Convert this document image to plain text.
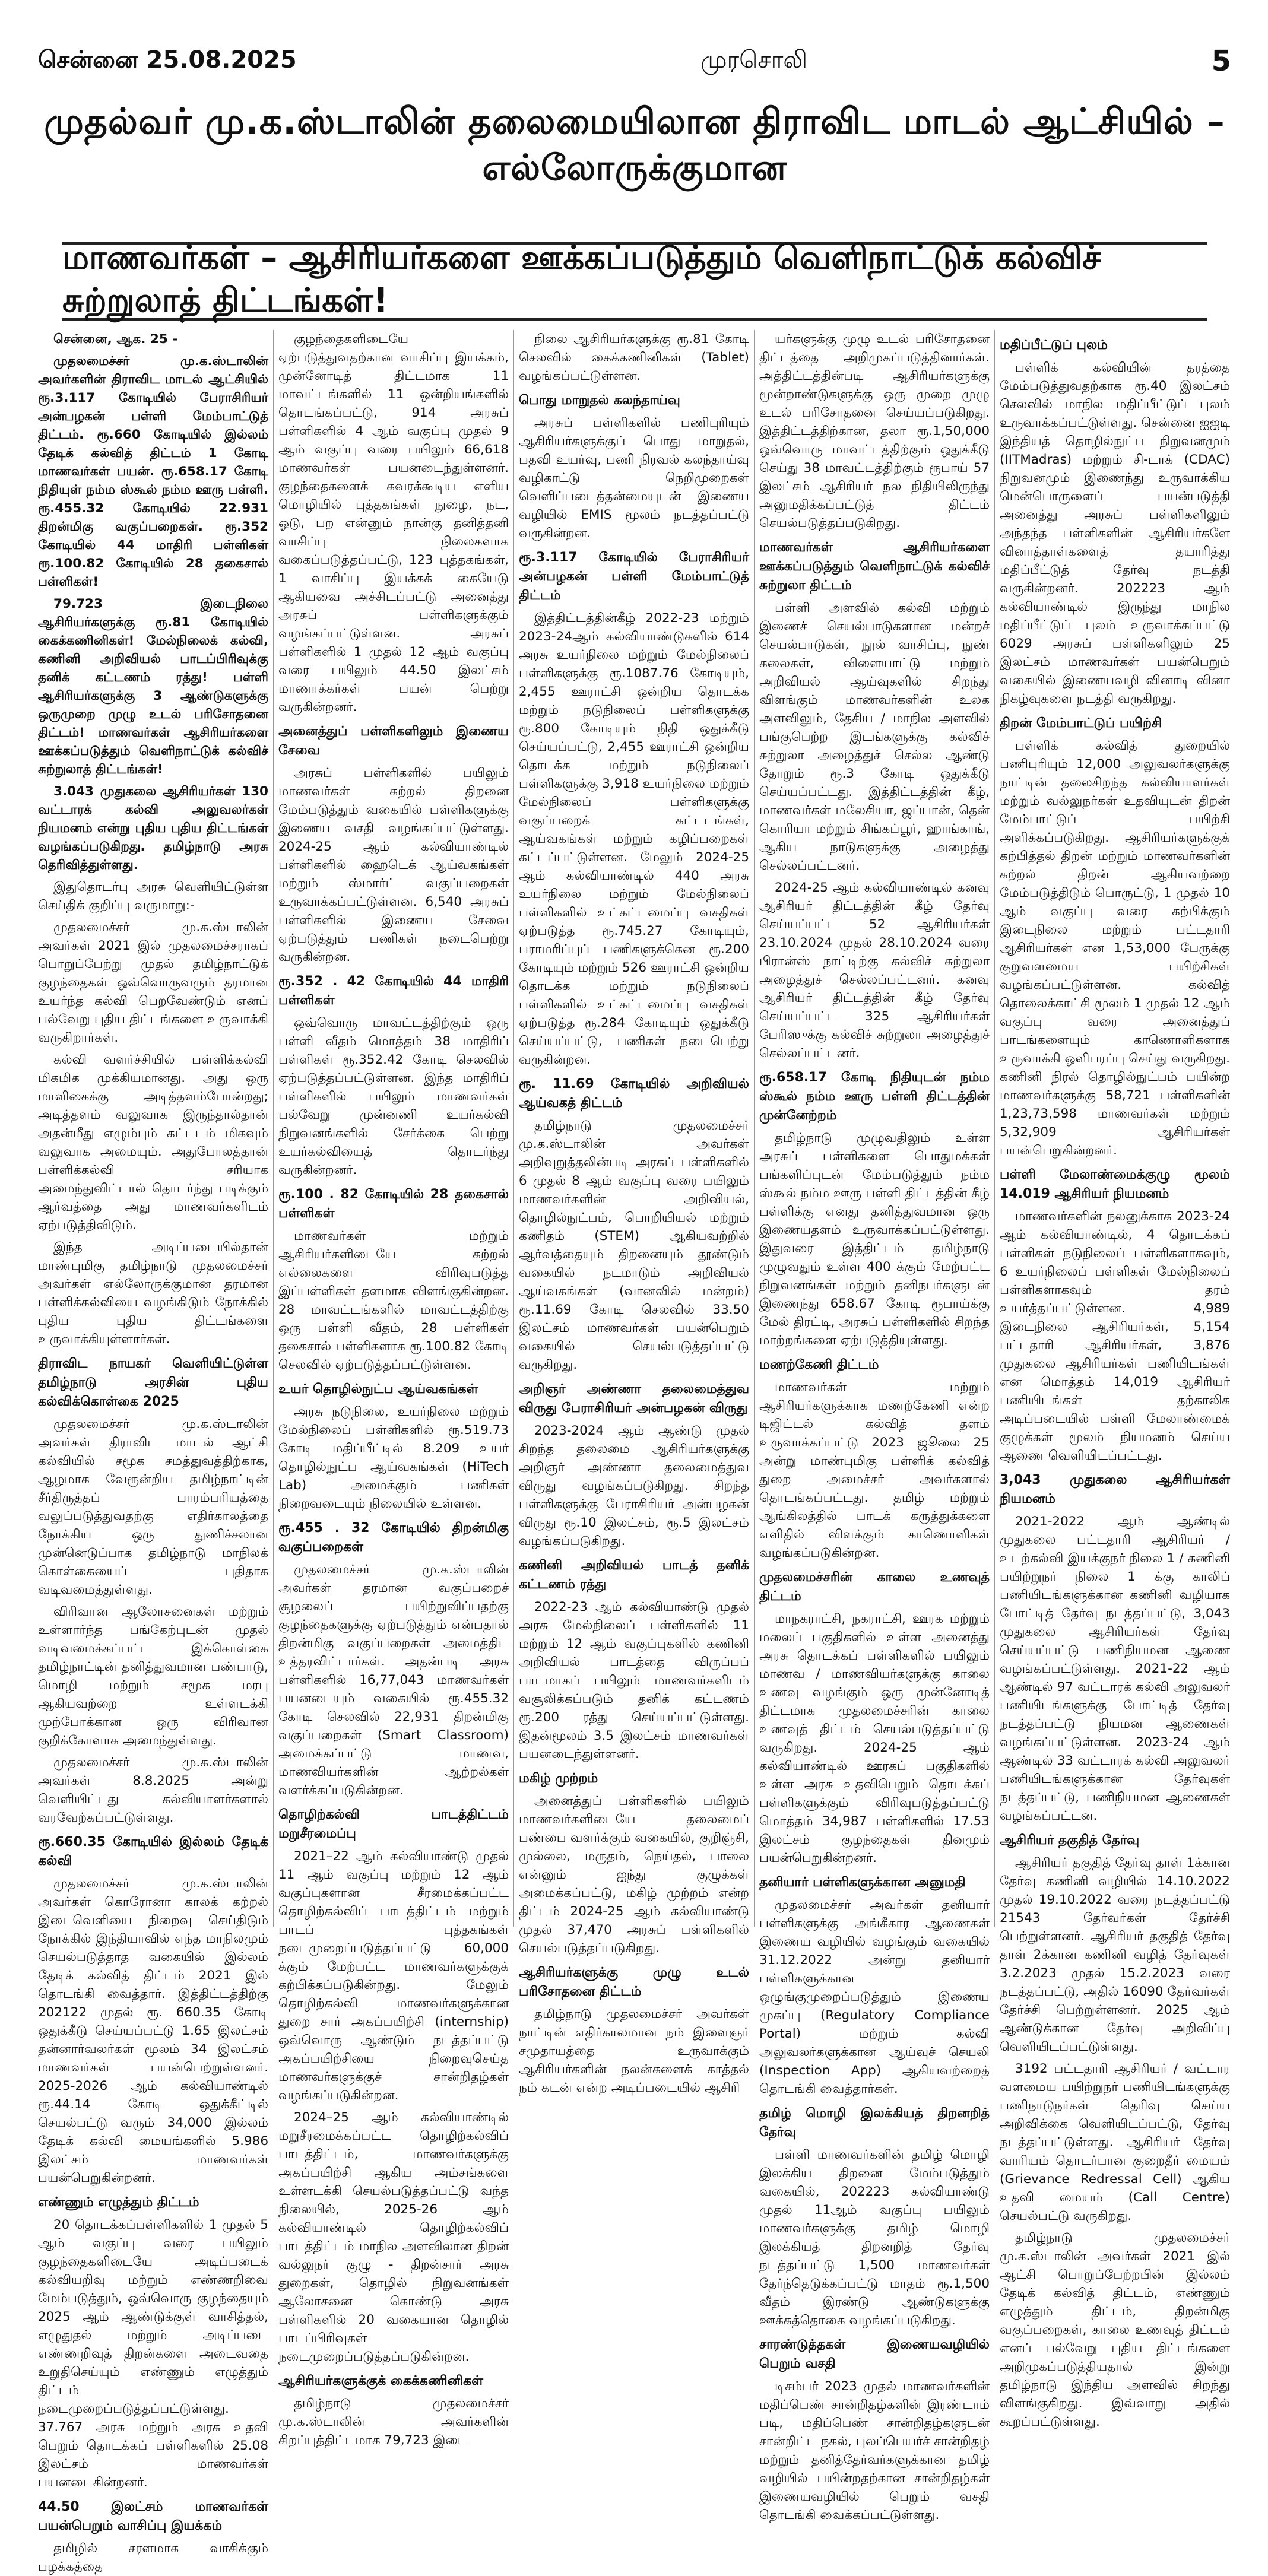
சென்னை 25.08.2025	முரசொலி	5
முதல்வர் மு.க.ஸ்டாலின் தலைமையிலான திராவிட மாடல் ஆட்சியில் – எல்லோருக்குமான
மாணவர்கள் – ஆசிரியர்களை ஊக்கப்படுத்தும் வெளிநாட்டுக் கல்விச் சுற்றுலாத் திட்டங்கள்!

சென்னை, ஆக. 25 -

முதலமைச்சர் மு.க.ஸ்டாலின் அவர்களின் திராவிட மாடல் ஆட்சியில் ரூ.3.117 கோடியில் பேராசிரியர் அன்பழகன் பள்ளி மேம்பாட்டுத் திட்டம். ரூ.660 கோடியில் இல்லம் தேடிக் கல்வித் திட்டம் 1 கோடி மாணவர்கள் பயன். ரூ.658.17 கோடி நிதியுள் நம்ம ஸ்கூல் நம்ம ஊரு பள்ளி. ரூ.455.32 கோடியில் 22.931 திறன்மிகு வகுப்பறைகள். ரூ.352 கோடியில் 44 மாதிரி பள்ளிகள் ரூ.100.82 கோடியில் 28 தகைசால் பள்ளிகள்!

79.723 இடைநிலை ஆசிரியர்களுக்கு ரூ.81 கோடியில் கைக்கணினிகள்! மேல்நிலைக் கல்வி, கணினி அறிவியல் பாடப்பிரிவுக்கு தனிக் கட்டணம் ரத்து! பள்ளி ஆசிரியர்களுக்கு 3 ஆண்டுகளுக்கு ஒருமுறை முழு உடல் பரிசோதனை திட்டம்! மாணவர்கள் ஆசிரியர்களை ஊக்கப்படுத்தும் வெளிநாட்டுக் கல்விச் சுற்றுலாத் திட்டங்கள்!

3.043 முதுகலை ஆசிரியர்கள் 130 வட்டாரக் கல்வி அலுவலர்கள் நியமனம் என்று புதிய புதிய திட்டங்கள் வழங்கப்படுகிறது. தமிழ்நாடு அரசு தெரிவித்துள்ளது.

இதுதொடர்பு அரசு வெளியிட்டுள்ள செய்திக் குறிப்பு வருமாறு:-

முதலமைச்சர் மு.க.ஸ்டாலின் அவர்கள் 2021 இல் முதலமைச்சராகப் பொறுப்பேற்று முதல் தமிழ்நாட்டுக் குழந்தைகள் ஒவ்வொருவரும் தரமான உயர்ந்த கல்வி பெறவேண்டும் எனப் பல்வேறு புதிய திட்டங்களை உருவாக்கி வருகிறார்கள்.

கல்வி வளர்ச்சியில் பள்ளிக்கல்வி மிகமிக முக்கியமானது. அது ஒரு மாளிகைக்கு அடித்தளம்போன்றது; அடித்தளம் வலுவாக இருந்தால்தான் அதன்மீது எழும்பும் கட்டடம் மிகவும் வலுவாக அமையும். அதுபோலத்தான் பள்ளிக்கல்வி சரியாக அமைந்துவிட்டால் தொடர்ந்து படிக்கும் ஆர்வத்தை அது மாணவர்களிடம் ஏற்படுத்திவிடும்.

இந்த அடிப்படையில்தான் மாண்புமிகு தமிழ்நாடு முதலமைச்சர் அவர்கள் எல்லோருக்குமான தரமான பள்ளிக்கல்வியை வழங்கிடும் நோக்கில் புதிய புதிய திட்டங்களை உருவாக்கியுள்ளார்கள்.

திராவிட நாயகர் வெளியிட்டுள்ள தமிழ்நாடு அரசின் புதிய கல்விக்கொள்கை 2025

முதலமைச்சர் மு.க.ஸ்டாலின் அவர்கள் திராவிட மாடல் ஆட்சி கல்வியில் சமூக சமத்துவத்திற்காக, ஆழமாக வேரூன்றிய தமிழ்நாட்டின் சீர்திருத்தப் பாரம்பரியத்தை வலுப்படுத்துவதற்கு எதிர்காலத்தை நோக்கிய ஒரு துணிச்சலான முன்னெடுப்பாக தமிழ்நாடு மாநிலக் கொள்கையைப் புதிதாக வடிவமைத்துள்ளது.

விரிவான ஆலோசனைகள் மற்றும் உள்ளார்ந்த பங்கேற்புடன் முதல் வடிவமைக்கப்பட்ட இக்கொள்கை தமிழ்நாட்டின் தனித்துவமான பண்பாடு, மொழி மற்றும் சமூக மரபு ஆகியவற்றை உள்ளடக்கி முற்போக்கான ஒரு விரிவான குறிக்கோளாக அமைந்துள்ளது.

முதலமைச்சர் மு.க.ஸ்டாலின் அவர்கள் 8.8.2025 அன்று வெளியிட்டது கல்வியாளர்களால் வரவேற்கப்பட்டுள்ளது.

ரூ.660.35 கோடியில் இல்லம் தேடிக் கல்வி

முதலமைச்சர் மு.க.ஸ்டாலின் அவர்கள் கொரோனா காலக் கற்றல் இடைவெளியை நிறைவு செய்திடும் நோக்கில் இந்தியாவில் எந்த மாநிலமும் செயல்படுத்தாத வகையில் இல்லம் தேடிக் கல்வித் திட்டம் 2021 இல் தொடங்கி வைத்தார். இத்திட்டத்திற்கு 202122 முதல் ரூ. 660.35 கோடி ஒதுக்கீடு செய்யப்பட்டு 1.65 இலட்சம் தன்னார்வலர்கள் மூலம் 34 இலட்சம் மாணவர்கள் பயன்பெற்றுள்ளனர். 2025-2026 ஆம் கல்வியாண்டில் ரூ.44.14 கோடி ஒதுக்கீட்டில் செயல்பட்டு வரும் 34,000 இல்லம் தேடிக் கல்வி மையங்களில் 5.986 இலட்சம் மாணவர்கள் பயன்பெறுகின்றனர்.

எண்ணும் எழுத்தும் திட்டம்

20 தொடக்கப்பள்ளிகளில் 1 முதல் 5 ஆம் வகுப்பு வரை பயிலும் குழந்தைகளிடையே அடிப்படைக் கல்வியறிவு மற்றும் எண்ணறிவை மேம்படுத்தும், ஒவ்வொரு குழந்தையும் 2025 ஆம் ஆண்டுக்குள் வாசித்தல், எழுதுதல் மற்றும் அடிப்படை எண்ணறிவுத் திறன்களை அடைவதை உறுதிசெய்யும் எண்ணும் எழுத்தும் திட்டம் நடைமுறைப்படுத்தப்பட்டுள்ளது. 37.767 அரசு மற்றும் அரசு உதவி பெறும் தொடக்கப் பள்ளிகளில் 25.08 இலட்சம் மாணவர்கள் பயனடைகின்றனர்.

44.50 இலட்சம் மாணவர்கள் பயன்பெறும் வாசிப்பு இயக்கம்

தமிழில் சரளமாக வாசிக்கும் பழக்கத்தை

குழந்தைகளிடையே ஏற்படுத்துவதற்கான வாசிப்பு இயக்கம், முன்னோடித் திட்டமாக 11 மாவட்டங்களில் 11 ஒன்றியங்களில் தொடங்கப்பட்டு, 914 அரசுப் பள்ளிகளில் 4 ஆம் வகுப்பு முதல் 9 ஆம் வகுப்பு வரை பயிலும் 66,618 மாணவர்கள் பயனடைந்துள்ளனர். குழந்தைகளைக் கவரக்கூடிய எளிய மொழியில் புத்தகங்கள் நுழை, நட, ஓடு, பற என்னும் நான்கு தனித்தனி வாசிப்பு நிலைகளாக வகைப்படுத்தப்பட்டு, 123 புத்தகங்கள், 1 வாசிப்பு இயக்கக் கையேடு ஆகியவை அச்சிடப்பட்டு அனைத்து அரசுப் பள்ளிகளுக்கும் வழங்கப்பட்டுள்ளன. அரசுப் பள்ளிகளில் 1 முதல் 12 ஆம் வகுப்பு வரை பயிலும் 44.50 இலட்சம் மாணாக்கர்கள் பயன் பெற்று வருகின்றனர்.

அனைத்துப் பள்ளிகளிலும் இணைய சேவை

அரசுப் பள்ளிகளில் பயிலும் மாணவர்கள் கற்றல் திறனை மேம்படுத்தும் வகையில் பள்ளிகளுக்கு இணைய வசதி வழங்கப்பட்டுள்ளது. 2024-25 ஆம் கல்வியாண்டில் பள்ளிகளில் ஹைடெக் ஆய்வகங்கள் மற்றும் ஸ்மார்ட் வகுப்பறைகள் உருவாக்கப்பட்டுள்ளன. 6,540 அரசுப் பள்ளிகளில் இணைய சேவை ஏற்படுத்தும் பணிகள் நடைபெற்று வருகின்றன.

ரூ.352 . 42 கோடியில் 44 மாதிரி பள்ளிகள்

ஒவ்வொரு மாவட்டத்திற்கும் ஒரு பள்ளி வீதம் மொத்தம் 38 மாதிரிப் பள்ளிகள் ரூ.352.42 கோடி செலவில் ஏற்படுத்தப்பட்டுள்ளன. இந்த மாதிரிப் பள்ளிகளில் பயிலும் மாணவர்கள் பல்வேறு முன்னணி உயர்கல்வி நிறுவனங்களில் சேர்க்கை பெற்று உயர்கல்வியைத் தொடர்ந்து வருகின்றனர்.

ரூ.100 . 82 கோடியில் 28 தகைசால் பள்ளிகள்

மாணவர்கள் மற்றும் ஆசிரியர்களிடையே கற்றல் எல்லைகளை விரிவுபடுத்த இப்பள்ளிகள் தளமாக விளங்குகின்றன. 28 மாவட்டங்களில் மாவட்டத்திற்கு ஒரு பள்ளி வீதம், 28 பள்ளிகள் தகைசால் பள்ளிகளாக ரூ.100.82 கோடி செலவில் ஏற்படுத்தப்பட்டுள்ளன.

உயர் தொழில்நுட்ப ஆய்வகங்கள்

அரசு நடுநிலை, உயர்நிலை மற்றும் மேல்நிலைப் பள்ளிகளில் ரூ.519.73 கோடி மதிப்பீட்டில் 8.209 உயர் தொழில்நுட்ப ஆய்வகங்கள் (HiTech Lab) அமைக்கும் பணிகள் நிறைவடையும் நிலையில் உள்ளன.

ரூ.455 . 32 கோடியில் திறன்மிகு வகுப்பறைகள்

முதலமைச்சர் மு.க.ஸ்டாலின் அவர்கள் தரமான வகுப்பறைச் சூழலைப் பயிற்றுவிப்பதற்கு குழந்தைகளுக்கு ஏற்படுத்தும் என்பதால் திறன்மிகு வகுப்பறைகள் அமைத்திட உத்தரவிட்டார்கள். அதன்படி அரசு பள்ளிகளில் 16,77,043 மாணவர்கள் பயனடையும் வகையில் ரூ.455.32 கோடி செலவில் 22,931 திறன்மிகு வகுப்பறைகள் (Smart Classroom) அமைக்கப்பட்டு மாணவ, மாணவியர்களின் ஆற்றல்கள் வளர்க்கப்படுகின்றன.

தொழிற்கல்வி பாடத்திட்டம் மறுசீரமைப்பு

2021–22 ஆம் கல்வியாண்டு முதல் 11 ஆம் வகுப்பு மற்றும் 12 ஆம் வகுப்புகளான சீரமைக்கப்பட்ட தொழிற்கல்விப் பாடத்திட்டம் மற்றும் பாடப் புத்தகங்கள் நடைமுறைப்படுத்தப்பட்டு 60,000 க்கும் மேற்பட்ட மாணவர்களுக்குக் கற்பிக்கப்படுகின்றது. மேலும் தொழிற்கல்வி மாணவர்களுக்கான துறை சார் அகப்பயிற்சி (internship) ஒவ்வொரு ஆண்டும் நடத்தப்பட்டு அகப்பயிற்சியை நிறைவுசெய்த மாணவர்களுக்குச் சான்றிதழ்கள் வழங்கப்படுகின்றன.

2024–25 ஆம் கல்வியாண்டில் மறுசீரமைக்கப்பட்ட தொழிற்கல்விப் பாடத்திட்டம், மாணவர்களுக்கு அகப்பயிற்சி ஆகிய அம்சங்களை உள்ளடக்கி செயல்படுத்தப்பட்டு வந்த நிலையில், 2025-26 ஆம் கல்வியாண்டில் தொழிற்கல்விப் பாடத்திட்டம் மாநில அளவிலான திறன் வல்லுநர் குழு - திறன்சார் அரசு துறைகள், தொழில் நிறுவனங்கள் ஆலோசனை கொண்டு அரசு பள்ளிகளில் 20 வகையான தொழில் பாடப்பிரிவுகள் நடைமுறைப்படுத்தப்படுகின்றன.

ஆசிரியர்களுக்குக் கைக்கணினிகள்

தமிழ்நாடு முதலமைச்சர் மு.க.ஸ்டாலின் அவர்களின் சிறப்புத்திட்டமாக 79,723 இடை

நிலை ஆசிரியர்களுக்கு ரூ.81 கோடி செலவில் கைக்கணினிகள் (Tablet) வழங்கப்பட்டுள்ளன.

பொது மாறுதல் கலந்தாய்வு

அரசுப் பள்ளிகளில் பணிபுரியும் ஆசிரியர்களுக்குப் பொது மாறுதல், பதவி உயர்வு, பணி நிரவல் கலந்தாய்வு வழிகாட்டு நெறிமுறைகள் வெளிப்படைத்தன்மையுடன் இணைய வழியில் EMIS மூலம் நடத்தப்பட்டு வருகின்றன.

ரூ.3.117 கோடியில் பேராசிரியர் அன்பழகன் பள்ளி மேம்பாட்டுத் திட்டம்

இத்திட்டத்தின்கீழ் 2022-23 மற்றும் 2023-24ஆம் கல்வியாண்டுகளில் 614 அரசு உயர்நிலை மற்றும் மேல்நிலைப் பள்ளிகளுக்கு ரூ.1087.76 கோடியும், 2,455 ஊராட்சி ஒன்றிய தொடக்க மற்றும் நடுநிலைப் பள்ளிகளுக்கு ரூ.800 கோடியும் நிதி ஒதுக்கீடு செய்யப்பட்டு, 2,455 ஊராட்சி ஒன்றிய தொடக்க மற்றும் நடுநிலைப் பள்ளிகளுக்கு 3,918 உயர்நிலை மற்றும் மேல்நிலைப் பள்ளிகளுக்கு வகுப்பறைக் கட்டடங்கள், ஆய்வகங்கள் மற்றும் கழிப்பறைகள் கட்டப்பட்டுள்ளன. மேலும் 2024-25 ஆம் கல்வியாண்டில் 440 அரசு உயர்நிலை மற்றும் மேல்நிலைப் பள்ளிகளில் உட்கட்டமைப்பு வசதிகள் ஏற்படுத்த ரூ.745.27 கோடியும், பராமரிப்புப் பணிகளுக்கென ரூ.200 கோடியும் மற்றும் 526 ஊராட்சி ஒன்றிய தொடக்க மற்றும் நடுநிலைப் பள்ளிகளில் உட்கட்டமைப்பு வசதிகள் ஏற்படுத்த ரூ.284 கோடியும் ஒதுக்கீடு செய்யப்பட்டு, பணிகள் நடைபெற்று வருகின்றன.

ரூ. 11.69 கோடியில் அறிவியல் ஆய்வகத் திட்டம்

தமிழ்நாடு முதலமைச்சர் மு.க.ஸ்டாலின் அவர்கள் அறிவுறுத்தலின்படி அரசுப் பள்ளிகளில் 6 முதல் 8 ஆம் வகுப்பு வரை பயிலும் மாணவர்களின் அறிவியல், தொழில்நுட்பம், பொறியியல் மற்றும் கணிதம் (STEM) ஆகியவற்றில் ஆர்வத்தையும் திறனையும் தூண்டும் வகையில் நடமாடும் அறிவியல் ஆய்வகங்கள் (வானவில் மன்றம்) ரூ.11.69 கோடி செலவில் 33.50 இலட்சம் மாணவர்கள் பயன்பெறும் வகையில் செயல்படுத்தப்பட்டு வருகிறது.

அறிஞர் அண்ணா தலைமைத்துவ விருது பேராசிரியர் அன்பழகன் விருது

2023-2024 ஆம் ஆண்டு முதல் சிறந்த தலைமை ஆசிரியர்களுக்கு அறிஞர் அண்ணா தலைமைத்துவ விருது வழங்கப்படுகிறது. சிறந்த பள்ளிகளுக்கு பேராசிரியர் அன்பழகன் விருது ரூ.10 இலட்சம், ரூ.5 இலட்சம் வழங்கப்படுகிறது.

கணினி அறிவியல் பாடத் தனிக் கட்டணம் ரத்து

2022-23 ஆம் கல்வியாண்டு முதல் அரசு மேல்நிலைப் பள்ளிகளில் 11 மற்றும் 12 ஆம் வகுப்புகளில் கணினி அறிவியல் பாடத்தை விருப்பப் பாடமாகப் பயிலும் மாணவர்களிடம் வசூலிக்கப்படும் தனிக் கட்டணம் ரூ.200 ரத்து செய்யப்பட்டுள்ளது. இதன்மூலம் 3.5 இலட்சம் மாணவர்கள் பயனடைந்துள்ளனர்.

மகிழ் முற்றம்

அனைத்துப் பள்ளிகளில் பயிலும் மாணவர்களிடையே தலைமைப் பண்பை வளர்க்கும் வகையில், குறிஞ்சி, முல்லை, மருதம், நெய்தல், பாலை என்னும் ஐந்து குழுக்கள் அமைக்கப்பட்டு, மகிழ் முற்றம் என்ற திட்டம் 2024-25 ஆம் கல்வியாண்டு முதல் 37,470 அரசுப் பள்ளிகளில் செயல்படுத்தப்படுகிறது.

ஆசிரியர்களுக்கு முழு உடல் பரிசோதனை திட்டம்

தமிழ்நாடு முதலமைச்சர் அவர்கள் நாட்டின் எதிர்காலமான நம் இளைஞர் சமுதாயத்தை உருவாக்கும் ஆசிரியர்களின் நலன்களைக் காத்தல் நம் கடன் என்ற அடிப்படையில் ஆசிரி

யர்களுக்கு முழு உடல் பரிசோதனை திட்டத்தை அறிமுகப்படுத்தினார்கள். அத்திட்டத்தின்படி ஆசிரியர்களுக்கு மூன்றாண்டுகளுக்கு ஒரு முறை முழு உடல் பரிசோதனை செய்யப்படுகிறது. இத்திட்டத்திற்கான, தலா ரூ.1,50,000 ஒவ்வொரு மாவட்டத்திற்கும் ஒதுக்கீடு செய்து 38 மாவட்டத்திற்கும் ரூபாய் 57 இலட்சம் ஆசிரியர் நல நிதியிலிருந்து அனுமதிக்கப்பட்டுத் திட்டம் செயல்படுத்தப்படுகிறது.

மாணவர்கள் ஆசிரியர்களை ஊக்கப்படுத்தும் வெளிநாட்டுக் கல்விச் சுற்றுலா திட்டம்

பள்ளி அளவில் கல்வி மற்றும் இணைச் செயல்பாடுகளான மன்றச் செயல்பாடுகள், நூல் வாசிப்பு, நுண் கலைகள், விளையாட்டு மற்றும் அறிவியல் ஆய்வுகளில் சிறந்து விளங்கும் மாணவர்களின் உலக அளவிலும், தேசிய / மாநில அளவில் பங்குபெற்ற இடங்களுக்கு கல்விச் சுற்றுலா அழைத்துச் செல்ல ஆண்டு தோறும் ரூ.3 கோடி ஒதுக்கீடு செய்யப்பட்டது. இத்திட்டத்தின் கீழ், மாணவர்கள் மலேசியா, ஜப்பான், தென் கொரியா மற்றும் சிங்கப்பூர், ஹாங்காங், ஆகிய நாடுகளுக்கு அழைத்து செல்லப்பட்டனர்.

2024-25 ஆம் கல்வியாண்டில் கனவு ஆசிரியர் திட்டத்தின் கீழ் தேர்வு செய்யப்பட்ட 52 ஆசிரியர்கள் 23.10.2024 முதல் 28.10.2024 வரை பிரான்ஸ் நாட்டிற்கு கல்விச் சுற்றுலா அழைத்துச் செல்லப்பட்டனர். கனவு ஆசிரியர் திட்டத்தின் கீழ் தேர்வு செய்யப்பட்ட 325 ஆசிரியர்கள் பேரிஸுக்கு கல்விச் சுற்றுலா அழைத்துச் செல்லப்பட்டனர்.

ரூ.658.17 கோடி நிதியுடன் நம்ம ஸ்கூல் நம்ம ஊரு பள்ளி திட்டத்தின் முன்னேற்றம்

தமிழ்நாடு முழுவதிலும் உள்ள அரசுப் பள்ளிகளை பொதுமக்கள் பங்களிப்புடன் மேம்படுத்தும் நம்ம ஸ்கூல் நம்ம ஊரு பள்ளி திட்டத்தின் கீழ் பள்ளிக்கு எனது தனித்துவமான ஒரு இணையதளம் உருவாக்கப்பட்டுள்ளது. இதுவரை இத்திட்டம் தமிழ்நாடு முழுவதும் உள்ள 400 க்கும் மேற்பட்ட நிறுவனங்கள் மற்றும் தனிநபர்களுடன் இணைந்து 658.67 கோடி ரூபாய்க்கு மேல் திரட்டி, அரசுப் பள்ளிகளில் சிறந்த மாற்றங்களை ஏற்படுத்தியுள்ளது.

மணற்கேணி திட்டம்

மாணவர்கள் மற்றும் ஆசிரியர்களுக்காக மணற்கேணி என்ற டிஜிட்டல் கல்வித் தளம் உருவாக்கப்பட்டு 2023 ஜூலை 25 அன்று மாண்புமிகு பள்ளிக் கல்வித் துறை அமைச்சர் அவர்களால் தொடங்கப்பட்டது. தமிழ் மற்றும் ஆங்கிலத்தில் பாடக் கருத்துக்களை எளிதில் விளக்கும் காணொளிகள் வழங்கப்படுகின்றன.

முதலமைச்சரின் காலை உணவுத் திட்டம்

மாநகராட்சி, நகராட்சி, ஊரக மற்றும் மலைப் பகுதிகளில் உள்ள அனைத்து அரசு தொடக்கப் பள்ளிகளில் பயிலும் மாணவ / மாணவியர்களுக்கு காலை உணவு வழங்கும் ஒரு முன்னோடித் திட்டமாக முதலமைச்சரின் காலை உணவுத் திட்டம் செயல்படுத்தப்பட்டு வருகிறது. 2024-25 ஆம் கல்வியாண்டில் ஊரகப் பகுதிகளில் உள்ள அரசு உதவிபெறும் தொடக்கப் பள்ளிகளுக்கும் விரிவுபடுத்தப்பட்டு மொத்தம் 34,987 பள்ளிகளில் 17.53 இலட்சம் குழந்தைகள் தினமும் பயன்பெறுகின்றனர்.

தனியார் பள்ளிகளுக்கான அனுமதி

முதலமைச்சர் அவர்கள் தனியார் பள்ளிகளுக்கு அங்கீகார ஆணைகள் இணைய வழியில் வழங்கும் வகையில் 31.12.2022 அன்று தனியார் பள்ளிகளுக்கான ஒழுங்குமுறைப்படுத்தும் இணைய முகப்பு (Regulatory Compliance Portal) மற்றும் கல்வி அலுவலர்களுக்கான ஆய்வுச் செயலி (Inspection App) ஆகியவற்றைத் தொடங்கி வைத்தார்கள்.

தமிழ் மொழி இலக்கியத் திறனறித் தேர்வு

பள்ளி மாணவர்களின் தமிழ் மொழி இலக்கிய திறனை மேம்படுத்தும் வகையில், 202223 கல்வியாண்டு முதல் 11ஆம் வகுப்பு பயிலும் மாணவர்களுக்கு தமிழ் மொழி இலக்கியத் திறனறித் தேர்வு நடத்தப்பட்டு 1,500 மாணவர்கள் தேர்ந்தெடுக்கப்பட்டு மாதம் ரூ.1,500 வீதம் இரண்டு ஆண்டுகளுக்கு ஊக்கத்தொகை வழங்கப்படுகிறது.

சாரண்டுத்தகள் இணையவழியில் பெறும் வசதி

டிசம்பர் 2023 முதல் மாணவர்களின் மதிப்பெண் சான்றிதழ்களின் இரண்டாம் படி, மதிப்பெண் சான்றிதழ்களுடன் சான்றிட்ட நகல், புலப்பெயர்ச் சான்றிதழ் மற்றும் தனித்தேர்வர்களுக்கான தமிழ் வழியில் பயின்றதற்கான சான்றிதழ்கள் இணையவழியில் பெறும் வசதி தொடங்கி வைக்கப்பட்டுள்ளது.

மதிப்பீட்டுப் புலம்

பள்ளிக் கல்வியின் தரத்தை மேம்படுத்துவதற்காக ரூ.40 இலட்சம் செலவில் மாநில மதிப்பீட்டுப் புலம் உருவாக்கப்பட்டுள்ளது. சென்னை ஐஐடி இந்தியத் தொழில்நுட்ப நிறுவனமும் (IITMadras) மற்றும் சி-டாக் (CDAC) நிறுவனமும் இணைந்து உருவாக்கிய மென்பொருளைப் பயன்படுத்தி அனைத்து அரசுப் பள்ளிகளிலும் அந்தந்த பள்ளிகளின் ஆசிரியர்களே வினாத்தாள்களைத் தயாரித்து மதிப்பீட்டுத் தேர்வு நடத்தி வருகின்றனர். 202223 ஆம் கல்வியாண்டில் இருந்து மாநில மதிப்பீட்டுப் புலம் உருவாக்கப்பட்டு 6029 அரசுப் பள்ளிகளிலும் 25 இலட்சம் மாணவர்கள் பயன்பெறும் வகையில் இணையவழி வினாடி வினா நிகழ்வுகளை நடத்தி வருகிறது.

திறன் மேம்பாட்டுப் பயிற்சி

பள்ளிக் கல்வித் துறையில் பணிபுரியும் 12,000 அலுவலர்களுக்கு நாட்டின் தலைசிறந்த கல்வியாளர்கள் மற்றும் வல்லுநர்கள் உதவியுடன் திறன் மேம்பாட்டுப் பயிற்சி அளிக்கப்படுகிறது. ஆசிரியர்களுக்குக் கற்பித்தல் திறன் மற்றும் மாணவர்களின் கற்றல் திறன் ஆகியவற்றை மேம்படுத்திடும் பொருட்டு, 1 முதல் 10 ஆம் வகுப்பு வரை கற்பிக்கும் இடைநிலை மற்றும் பட்டதாரி ஆசிரியர்கள் என 1,53,000 பேருக்கு குறுவளமைய பயிற்சிகள் வழங்கப்பட்டுள்ளன. கல்வித் தொலைக்காட்சி மூலம் 1 முதல் 12 ஆம் வகுப்பு வரை அனைத்துப் பாடங்களையும் காணொளிகளாக உருவாக்கி ஒளிபரப்பு செய்து வருகிறது. கணினி நிரல் தொழில்நுட்பம் பயின்ற மாணவர்களுக்கு 58,721 பள்ளிகளின் 1,23,73,598 மாணவர்கள் மற்றும் 5,32,909 ஆசிரியர்கள் பயன்பெறுகின்றனர்.

பள்ளி மேலாண்மைக்குழு மூலம் 14.019 ஆசிரியர் நியமனம்

மாணவர்களின் நலனுக்காக 2023-24 ஆம் கல்வியாண்டில், 4 தொடக்கப் பள்ளிகள் நடுநிலைப் பள்ளிகளாகவும், 6 உயர்நிலைப் பள்ளிகள் மேல்நிலைப் பள்ளிகளாகவும் தரம் உயர்த்தப்பட்டுள்ளன. 4,989 இடைநிலை ஆசிரியர்கள், 5,154 பட்டதாரி ஆசிரியர்கள், 3,876 முதுகலை ஆசிரியர்கள் பணியிடங்கள் என மொத்தம் 14,019 ஆசிரியர் பணியிடங்கள் தற்காலிக அடிப்படையில் பள்ளி மேலாண்மைக் குழுக்கள் மூலம் நியமனம் செய்ய ஆணை வெளியிடப்பட்டது.

3,043 முதுகலை ஆசிரியர்கள் நியமனம்

2021-2022 ஆம் ஆண்டில் முதுகலை பட்டதாரி ஆசிரியர் / உடற்கல்வி இயக்குநர் நிலை 1 / கணினி பயிற்றுநர் நிலை 1 க்கு காலிப் பணியிடங்களுக்கான கணினி வழியாக போட்டித் தேர்வு நடத்தப்பட்டு, 3,043 முதுகலை ஆசிரியர்கள் தேர்வு செய்யப்பட்டு பணிநியமன ஆணை வழங்கப்பட்டுள்ளது. 2021-22 ஆம் ஆண்டில் 97 வட்டாரக் கல்வி அலுவலர் பணியிடங்களுக்கு போட்டித் தேர்வு நடத்தப்பட்டு நியமன ஆணைகள் வழங்கப்பட்டுள்ளன. 2023-24 ஆம் ஆண்டில் 33 வட்டாரக் கல்வி அலுவலர் பணியிடங்களுக்கான தேர்வுகள் நடத்தப்பட்டு, பணிநியமன ஆணைகள் வழங்கப்பட்டன.

ஆசிரியர் தகுதித் தேர்வு

ஆசிரியர் தகுதித் தேர்வு தாள் 1க்கான தேர்வு கணினி வழியில் 14.10.2022 முதல் 19.10.2022 வரை நடத்தப்பட்டு 21543 தேர்வர்கள் தேர்ச்சி பெற்றுள்ளனர். ஆசிரியர் தகுதித் தேர்வு தாள் 2க்கான கணினி வழித் தேர்வுகள் 3.2.2023 முதல் 15.2.2023 வரை நடத்தப்பட்டு, அதில் 16090 தேர்வர்கள் தேர்ச்சி பெற்றுள்ளனர். 2025 ஆம் ஆண்டுக்கான தேர்வு அறிவிப்பு வெளியிடப்பட்டுள்ளது.

3192 பட்டதாரி ஆசிரியர் / வட்டார வளமைய பயிற்றுநர் பணியிடங்களுக்கு பணிநாடுநர்கள் தெரிவு செய்ய அறிவிக்கை வெளியிடப்பட்டு, தேர்வு நடத்தப்பட்டுள்ளது. ஆசிரியர் தேர்வு வாரியம் தொடர்பான குறைதீர் மையம் (Grievance Redressal Cell) ஆகிய உதவி மையம் (Call Centre) செயல்பட்டு வருகிறது.

தமிழ்நாடு முதலமைச்சர் மு.க.ஸ்டாலின் அவர்கள் 2021 இல் ஆட்சி பொறுப்பேற்றபின் இல்லம் தேடிக் கல்வித் திட்டம், எண்ணும் எழுத்தும் திட்டம், திறன்மிகு வகுப்பறைகள், காலை உணவுத் திட்டம் எனப் பல்வேறு புதிய திட்டங்களை அறிமுகப்படுத்தியதால் இன்று தமிழ்நாடு இந்திய அளவில் சிறந்து விளங்குகிறது. இவ்வாறு அதில் கூறப்பட்டுள்ளது.
